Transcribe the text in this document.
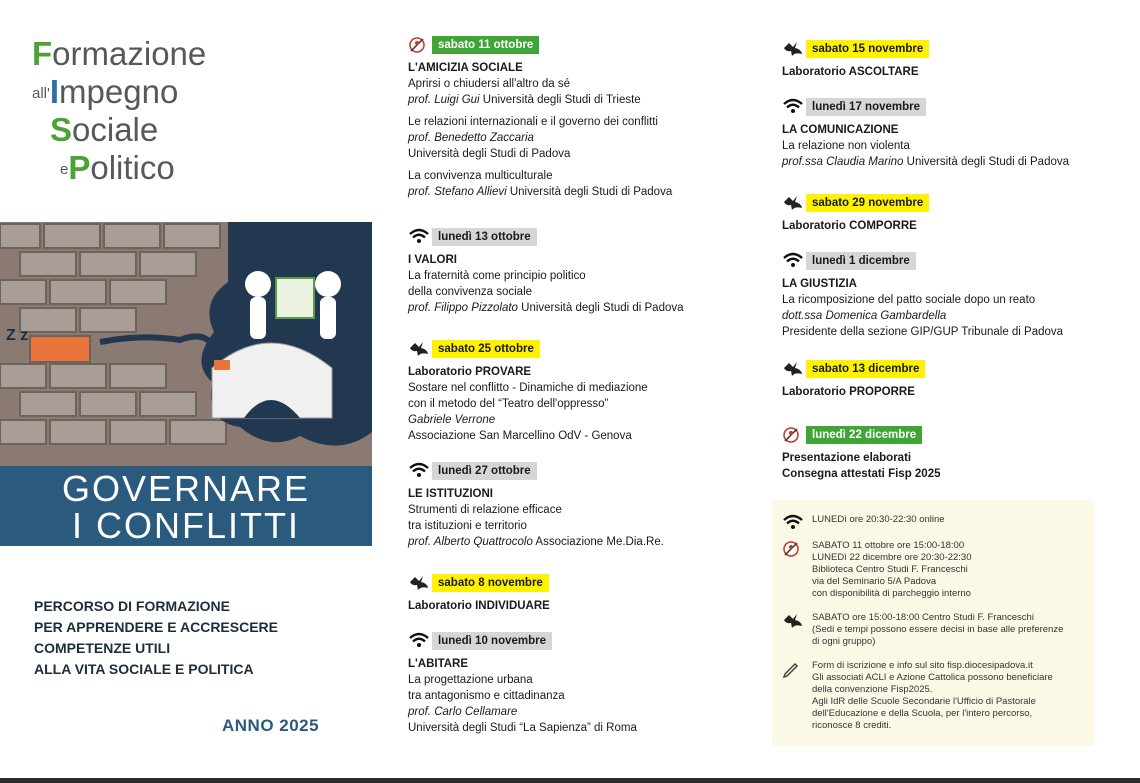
Formazione
$^{all'}$Impegno
Sociale
$^e$Politico
Z z
GOVERNARE
I CONFLITTI
PERCORSO DI FORMAZIONE
PER APPRENDERE E ACCRESCERE
COMPETENZE UTILI
ALLA VITA SOCIALE E POLITICA
ANNO 2025
sabato 11 ottobre
L'AMICIZIA SOCIALE
Aprirsi o chiudersi all'altro da sé
prof. Luigi Gui Università degli Studi di Trieste
Le relazioni internazionali e il governo dei conflitti
prof. Benedetto Zaccaria
Università degli Studi di Padova
La convivenza multiculturale
prof. Stefano Allievi Università degli Studi di Padova
lunedì 13 ottobre
I VALORI
La fraternità come principio politico
della convivenza sociale
prof. Filippo Pizzolato Università degli Studi di Padova
sabato 25 ottobre
Laboratorio PROVARE
Sostare nel conflitto - Dinamiche di mediazione
con il metodo del “Teatro dell'oppresso”
Gabriele Verrone
Associazione San Marcellino OdV - Genova
lunedì 27 ottobre
LE ISTITUZIONI
Strumenti di relazione efficace
tra istituzioni e territorio
prof. Alberto Quattrocolo Associazione Me.Dia.Re.
sabato 8 novembre
Laboratorio INDIVIDUARE
lunedì 10 novembre
L'ABITARE
La progettazione urbana
tra antagonismo e cittadinanza
prof. Carlo Cellamare
Università degli Studi “La Sapienza” di Roma
sabato 15 novembre
Laboratorio ASCOLTARE
lunedì 17 novembre
LA COMUNICAZIONE
La relazione non violenta
prof.ssa Claudia Marino Università degli Studi di Padova
sabato 29 novembre
Laboratorio COMPORRE
lunedì 1 dicembre
LA GIUSTIZIA
La ricomposizione del patto sociale dopo un reato
dott.ssa Domenica Gambardella
Presidente della sezione GIP/GUP Tribunale di Padova
sabato 13 dicembre
Laboratorio PROPORRE
lunedì 22 dicembre
Presentazione elaborati
Consegna attestati Fisp 2025
LUNEDì ore 20:30-22:30 online
SABATO 11 ottobre ore 15:00-18:00
LUNEDì 22 dicembre ore 20:30-22:30
Biblioteca Centro Studi F. Franceschi
via del Seminario 5/A Padova
con disponibilità di parcheggio interno
SABATO ore 15:00-18:00 Centro Studi F. Franceschi
(Sedi e tempi possono essere decisi in base alle preferenze
di ogni gruppo)
Form di iscrizione e info sul sito fisp.diocesipadova.it
Gli associati ACLI e Azione Cattolica possono beneficiare
della convenzione Fisp2025.
Agli IdR delle Scuole Secondarie l'Ufficio di Pastorale
dell'Educazione e della Scuola, per l'intero percorso,
riconosce 8 crediti.
